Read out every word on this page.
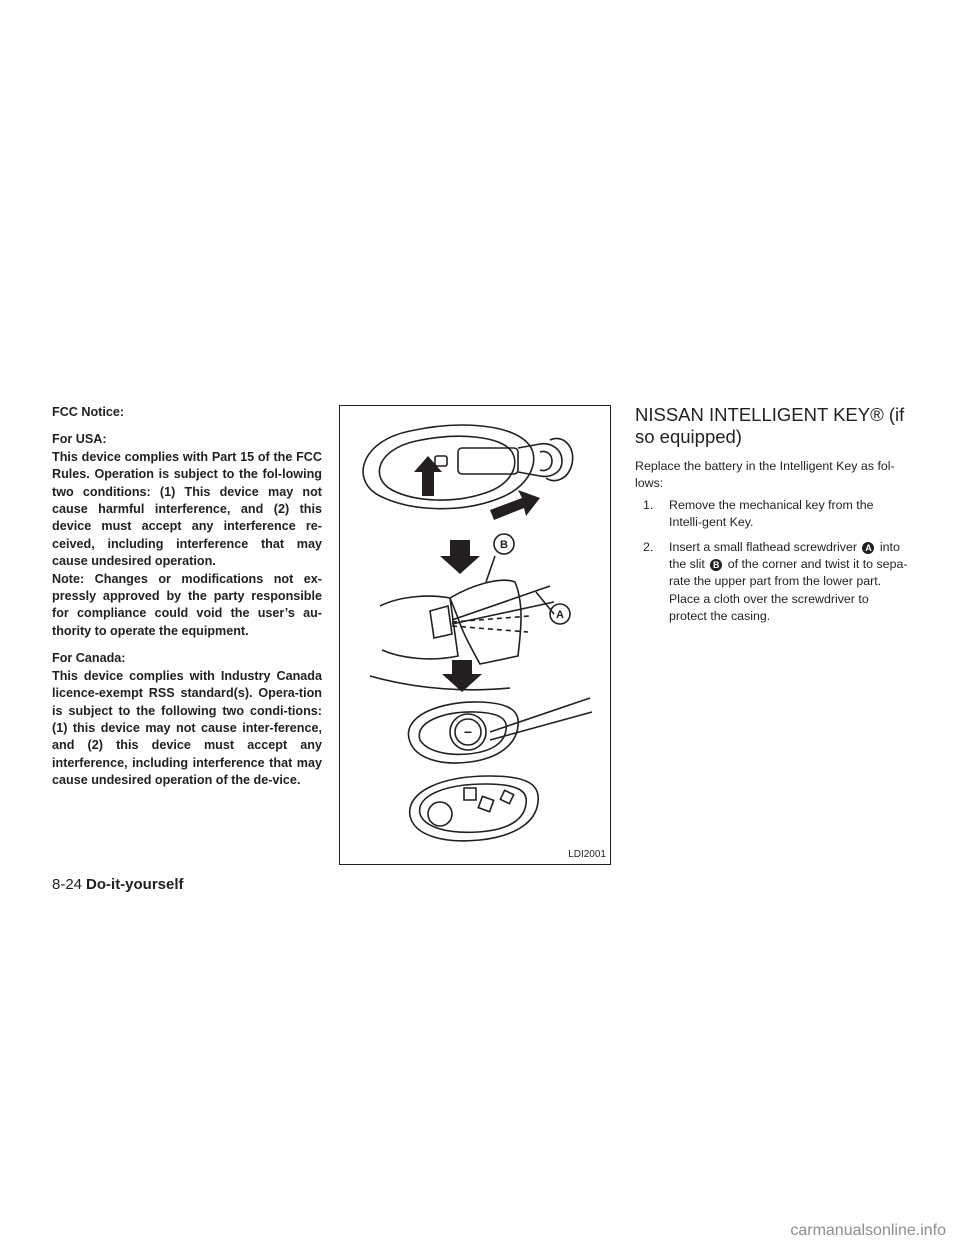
FCC Notice:

For USA:

This device complies with Part 15 of the FCC Rules. Operation is subject to the fol-lowing two conditions: (1) This device may not cause harmful interference, and (2) this device must accept any interference re-ceived, including interference that may cause undesired operation.

Note: Changes or modifications not ex-pressly approved by the party responsible for compliance could void the user’s au-thority to operate the equipment.

For Canada:

This device complies with Industry Canada licence-exempt RSS standard(s). Opera-tion is subject to the following two condi-tions: (1) this device may not cause inter-ference, and (2) this device must accept any interference, including interference that may cause undesired operation of the de-vice.

B
A
−
LDI2001
NISSAN INTELLIGENT KEY® (if so equipped)

Replace the battery in the Intelligent Key as fol-lows:

1. Remove the mechanical key from the Intelli-gent Key.
2. Insert a small flathead screwdriver A into the slit B of the corner and twist it to sepa-rate the upper part from the lower part. Place a cloth over the screwdriver to protect the casing.
8-24 Do-it-yourself
carmanualsonline.info
